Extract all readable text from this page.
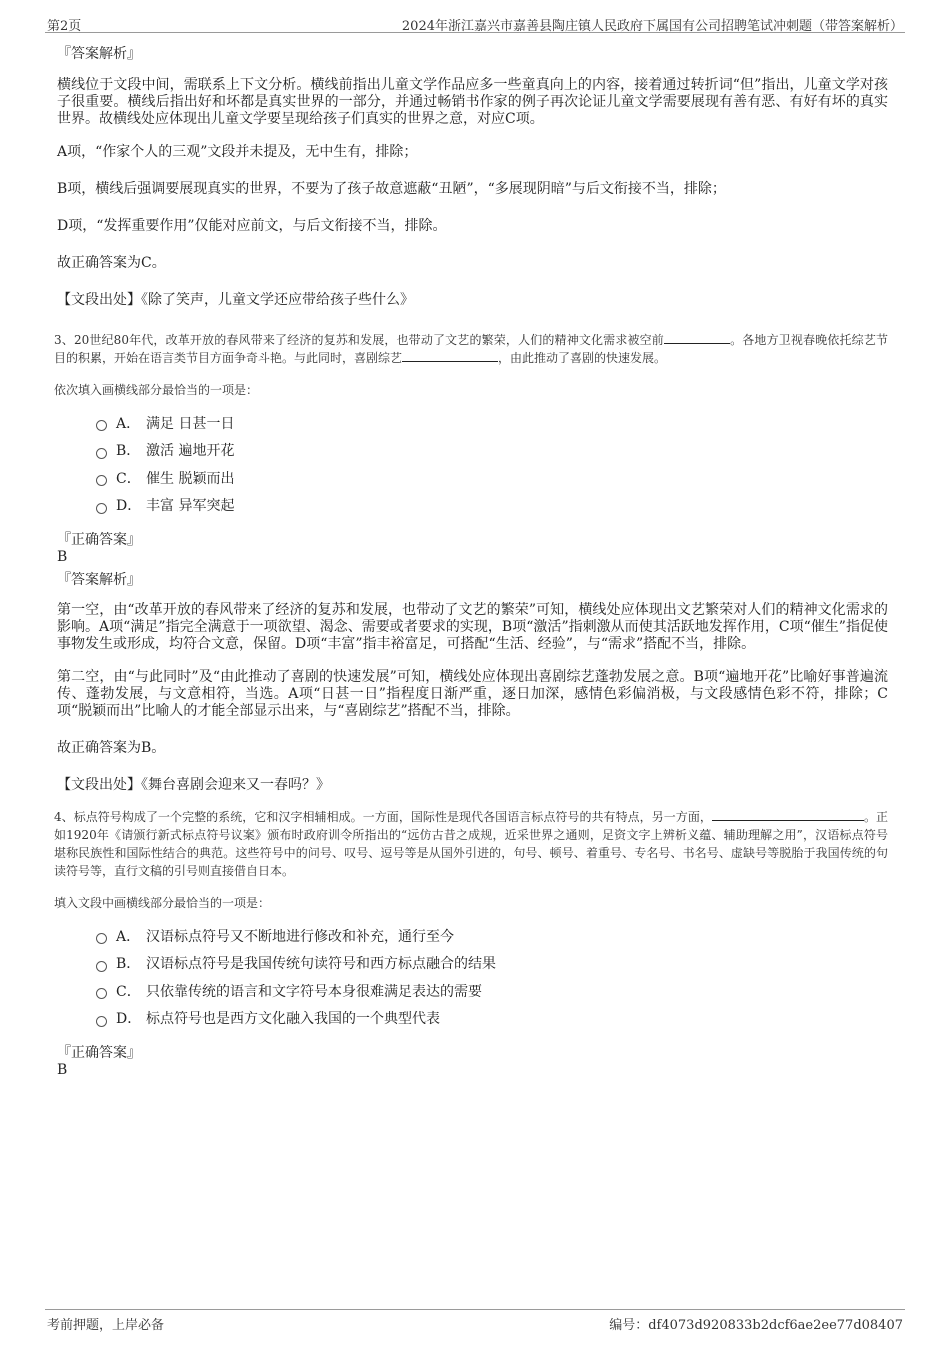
第2页	2024年浙江嘉兴市嘉善县陶庄镇人民政府下属国有公司招聘笔试冲刺题（带答案解析）

『答案解析』

横线位于文段中间，需联系上下文分析。横线前指出儿童文学作品应多一些童真向上的内容，接着通过转折词“但”指出，儿童文学对孩子很重要。横线后指出好和坏都是真实世界的一部分，并通过畅销书作家的例子再次论证儿童文学需要展现有善有恶、有好有坏的真实世界。故横线处应体现出儿童文学要呈现给孩子们真实的世界之意，对应C项。

A项，“作家个人的三观”文段并未提及，无中生有，排除；

B项，横线后强调要展现真实的世界，不要为了孩子故意遮蔽“丑陋”，“多展现阴暗”与后文衔接不当，排除；

D项，“发挥重要作用”仅能对应前文，与后文衔接不当，排除。

故正确答案为C。

【文段出处】《除了笑声，儿童文学还应带给孩子些什么》

3、20世纪80年代，改革开放的春风带来了经济的复苏和发展，也带动了文艺的繁荣，人们的精神文化需求被空前	。各地方卫视春晚依托综艺节目的积累，开始在语言类节目方面争奇斗艳。与此同时，喜剧综艺	，由此推动了喜剧的快速发展。

依次填入画横线部分最恰当的一项是：

A． 满足 日甚一日
B． 激活 遍地开花
C． 催生 脱颖而出
D． 丰富 异军突起

『正确答案』

B

『答案解析』

第一空，由“改革开放的春风带来了经济的复苏和发展，也带动了文艺的繁荣”可知，横线处应体现出文艺繁荣对人们的精神文化需求的影响。A项“满足”指完全满意于一项欲望、渴念、需要或者要求的实现，B项“激活”指刺激从而使其活跃地发挥作用，C项“催生”指促使事物发生或形成，均符合文意，保留。D项“丰富”指丰裕富足，可搭配“生活、经验”，与“需求”搭配不当，排除。

第二空，由“与此同时”及“由此推动了喜剧的快速发展”可知，横线处应体现出喜剧综艺蓬勃发展之意。B项“遍地开花”比喻好事普遍流传、蓬勃发展，与文意相符，当选。A项“日甚一日”指程度日渐严重，逐日加深，感情色彩偏消极，与文段感情色彩不符，排除；C项“脱颖而出”比喻人的才能全部显示出来，与“喜剧综艺”搭配不当，排除。

故正确答案为B。

【文段出处】《舞台喜剧会迎来又一春吗？》

4、标点符号构成了一个完整的系统，它和汉字相辅相成。一方面，国际性是现代各国语言标点符号的共有特点，另一方面，	。正如1920年《请颁行新式标点符号议案》颁布时政府训令所指出的“远仿古昔之成规，近采世界之通则，足资文字上辨析义蕴、辅助理解之用”，汉语标点符号堪称民族性和国际性结合的典范。这些符号中的问号、叹号、逗号等是从国外引进的，句号、顿号、着重号、专名号、书名号、虚缺号等脱胎于我国传统的句读符号等，直行文稿的引号则直接借自日本。

填入文段中画横线部分最恰当的一项是：

A． 汉语标点符号又不断地进行修改和补充，通行至今
B． 汉语标点符号是我国传统句读符号和西方标点融合的结果
C． 只依靠传统的语言和文字符号本身很难满足表达的需要
D． 标点符号也是西方文化融入我国的一个典型代表

『正确答案』

B

考前押题，上岸必备	编号：df4073d920833b2dcf6ae2ee77d08407
